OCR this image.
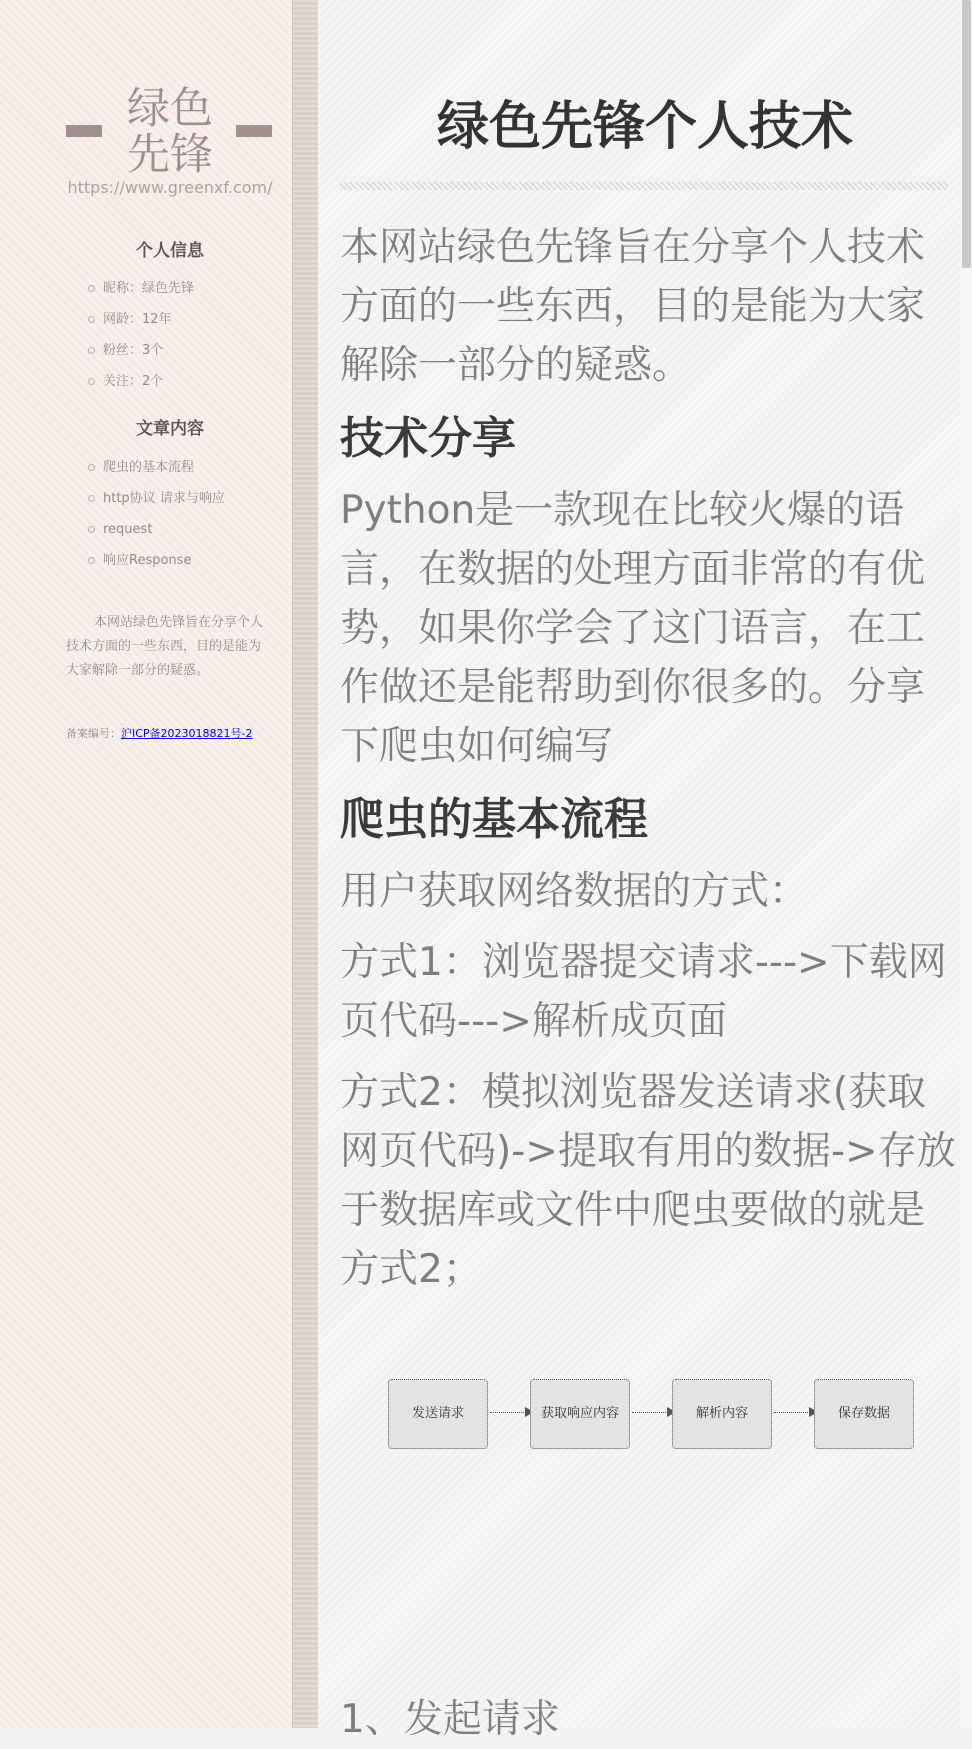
绿色
先锋
https://www.greenxf.com/
个人信息
昵称：绿色先锋
网龄：12年
粉丝：3个
关注：2个
文章内容
爬虫的基本流程
http协议 请求与响应
request
响应Response
本网站绿色先锋旨在分享个人技术方面的一些东西，目的是能为大家解除一部分的疑惑。
备案编号：沪ICP备2023018821号-2
绿色先锋个人技术

本网站绿色先锋旨在分享个人技术方面的一些东西，目的是能为大家解除一部分的疑惑。

技术分享

Python是一款现在比较火爆的语言，在数据的处理方面非常的有优势，如果你学会了这门语言，在工作做还是能帮助到你很多的。分享下爬虫如何编写

爬虫的基本流程

用户获取网络数据的方式：

方式1：浏览器提交请求--->下载网页代码--->解析成页面

方式2：模拟浏览器发送请求(获取网页代码)->提取有用的数据->存放于数据库或文件中爬虫要做的就是方式2；

发送请求	获取响应内容	解析内容	保存数据
1、发起请求
